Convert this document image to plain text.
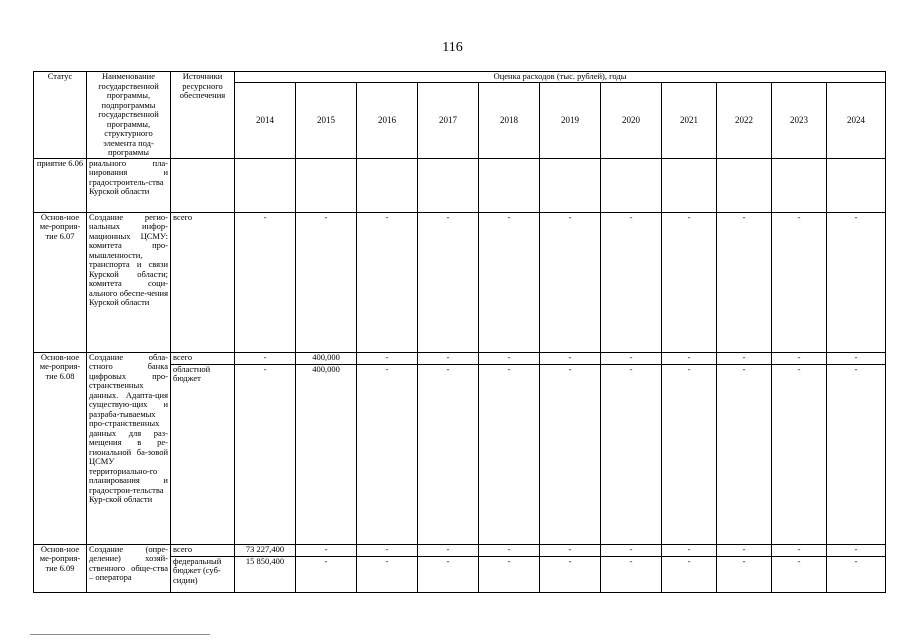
116
Статус	Наименование государственной программы, подпрограммы государственной программы, структурного элемента под-программы	Источники ресурсного обеспечения	Оценка расходов (тыс. рублей), годы										
			2014	2015	2016	2017	2018	2019	2020	2021	2022	2023	2024
приятие 6.06	риального пла-нирования и градостроитель-ства Курской области												
Основ-ное ме-роприя-тие 6.07	Создание регио-нальных инфор-мационных ЦСМУ: комитета про-мышленности, транспорта и связи Курской области; комитета соци-ального обеспе-чения Курской области	всего	-	-	-	-	-	-	-	-	-	-	-
Основ-ное ме-роприя-тие 6.08	Создание обла-стного банка цифровых про-странственных данных. Адапта-ция существую-щих и разраба-тываемых про-странственных данных для раз-мещения в ре-гиональной ба-зовой ЦСМУ территориально-го планирования и градострои-тельства Кур-ской области	всего	-	400,000	-	-	-	-	-	-	-	-	-
		областной бюджет	-	400,000	-	-	-	-	-	-	-	-	-
Основ-ное ме-роприя-тие 6.09	Создание (опре-деление) хозяй-ственного обще-ства – оператора	всего	73 227,400	-	-	-	-	-	-	-	-	-	-
		федеральный бюджет (суб-сидии)	15 850,400	-	-	-	-	-	-	-	-	-	-
